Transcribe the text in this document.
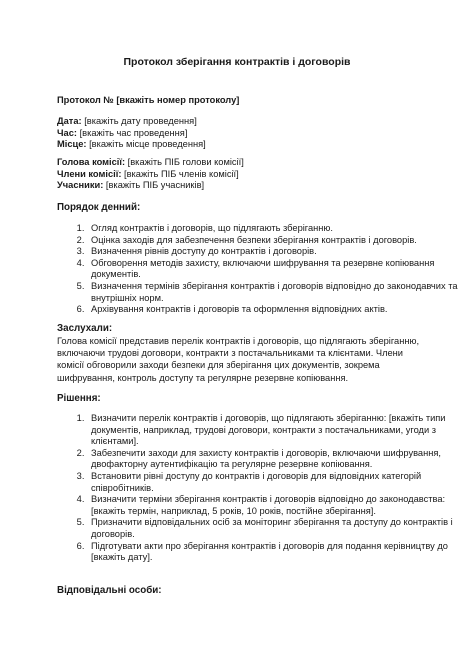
Протокол зберігання контрактів і договорів
Протокол № [вкажіть номер протоколу]
Дата: [вкажіть дату проведення]
Час: [вкажіть час проведення]
Місце: [вкажіть місце проведення]
Голова комісії: [вкажіть ПІБ голови комісії]
Члени комісії: [вкажіть ПІБ членів комісії]
Учасники: [вкажіть ПІБ учасників]
Порядок денний:
1. Огляд контрактів і договорів, що підлягають зберіганню.
2. Оцінка заходів для забезпечення безпеки зберігання контрактів і договорів.
3. Визначення рівнів доступу до контрактів і договорів.
4. Обговорення методів захисту, включаючи шифрування та резервне копіювання документів.
5. Визначення термінів зберігання контрактів і договорів відповідно до законодавчих та внутрішніх норм.
6. Архівування контрактів і договорів та оформлення відповідних актів.
Заслухали:
Голова комісії представив перелік контрактів і договорів, що підлягають зберіганню, включаючи трудові договори, контракти з постачальниками та клієнтами. Члени комісії обговорили заходи безпеки для зберігання цих документів, зокрема шифрування, контроль доступу та регулярне резервне копіювання.
Рішення:
1. Визначити перелік контрактів і договорів, що підлягають зберіганню: [вкажіть типи документів, наприклад, трудові договори, контракти з постачальниками, угоди з клієнтами].
2. Забезпечити заходи для захисту контрактів і договорів, включаючи шифрування, двофакторну аутентифікацію та регулярне резервне копіювання.
3. Встановити рівні доступу до контрактів і договорів для відповідних категорій співробітників.
4. Визначити терміни зберігання контрактів і договорів відповідно до законодавства: [вкажіть термін, наприклад, 5 років, 10 років, постійне зберігання].
5. Призначити відповідальних осіб за моніторинг зберігання та доступу до контрактів і договорів.
6. Підготувати акти про зберігання контрактів і договорів для подання керівництву до [вкажіть дату].
Відповідальні особи:
